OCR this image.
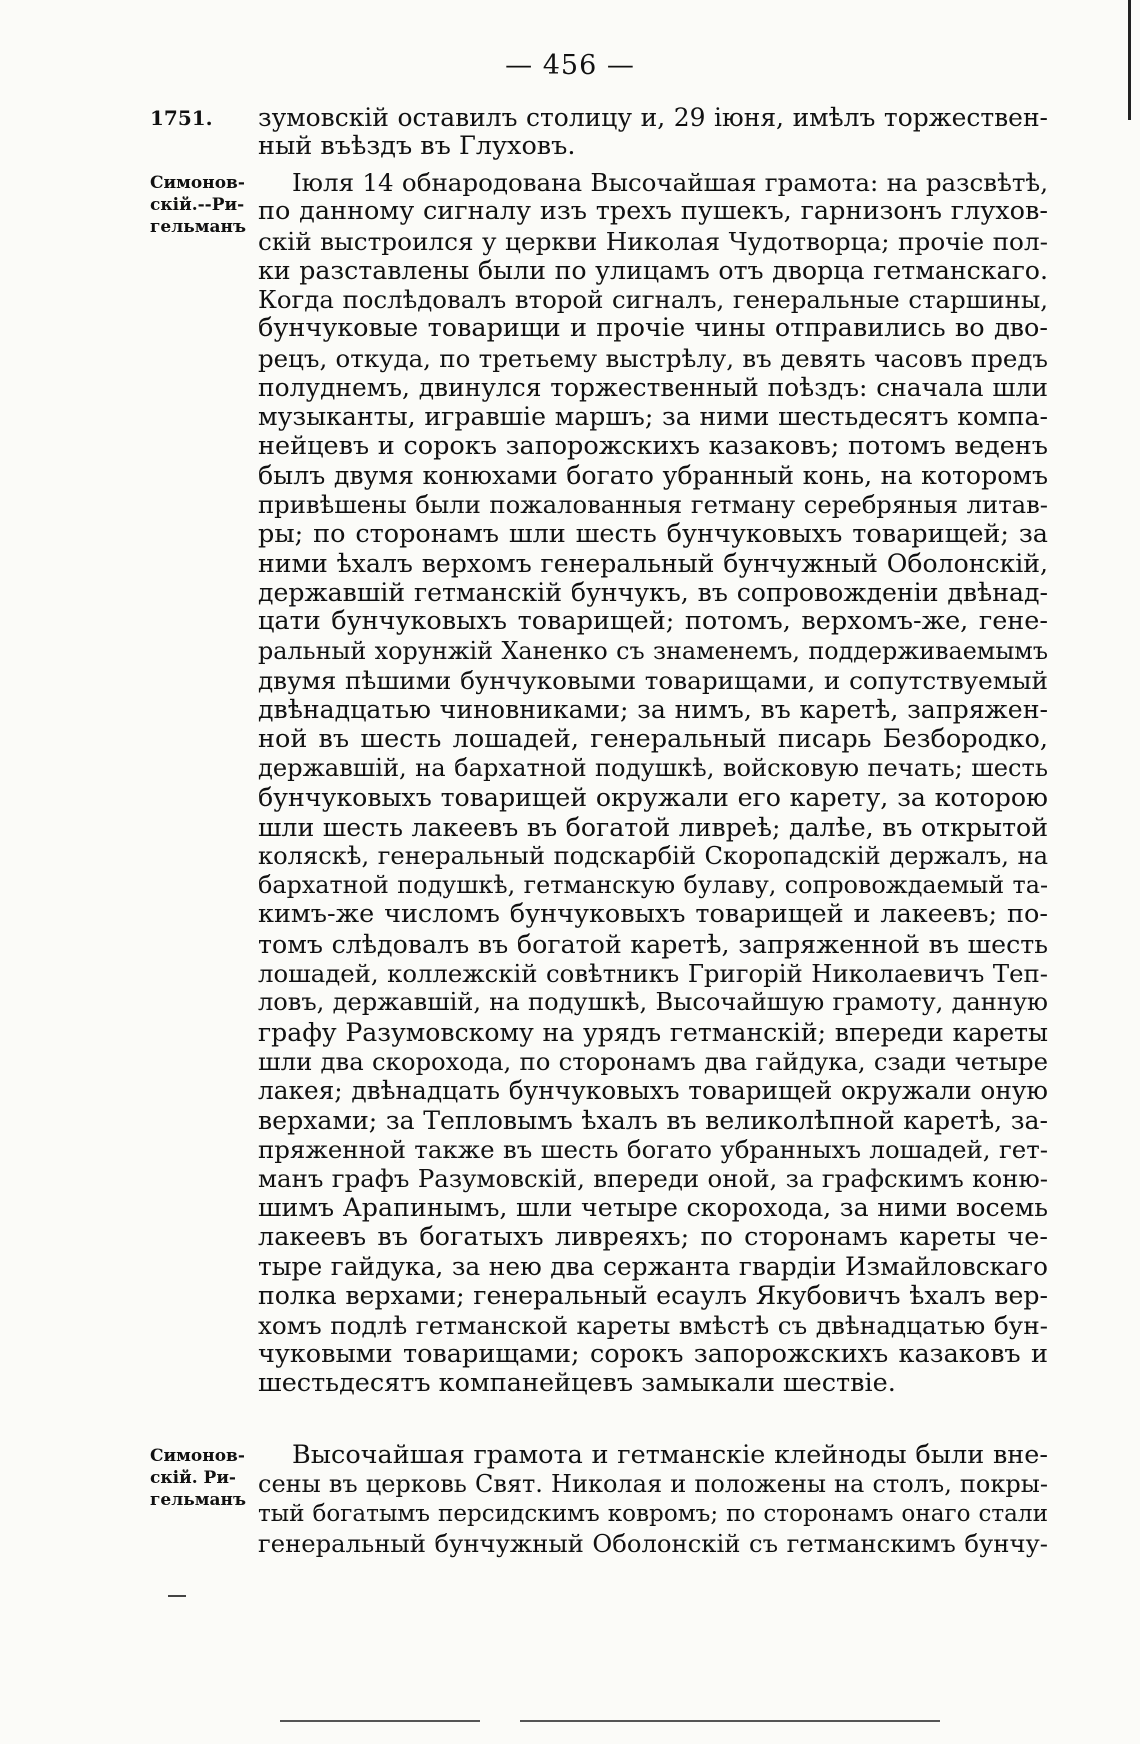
— 456 —
1751.	зумовскій оставилъ столицу и, 29 іюня, имѣлъ торжествен-
ный въѣздъ въ Глуховъ.
Симонов-
скій.--Ри-
гельманъ
Іюля 14 обнародована Высочайшая грамота: на разсвѣтѣ,
по данному сигналу изъ трехъ пушекъ, гарнизонъ глухов-
скій выстроился у церкви Николая Чудотворца; прочіе пол-
ки разставлены были по улицамъ отъ дворца гетманскаго.
Когда послѣдовалъ второй сигналъ, генеральные старшины,
бунчуковые товарищи и прочіе чины отправились во дво-
рецъ, откуда, по третьему выстрѣлу, въ девять часовъ предъ
полуднемъ, двинулся торжественный поѣздъ: сначала шли
музыканты, игравшіе маршъ; за ними шестьдесятъ компа-
нейцевъ и сорокъ запорожскихъ казаковъ; потомъ веденъ
былъ двумя конюхами богато убранный конь, на которомъ
привѣшены были пожалованныя гетману серебряныя литав-
ры; по сторонамъ шли шесть бунчуковыхъ товарищей; за
ними ѣхалъ верхомъ генеральный бунчужный Оболонскій,
державшій гетманскій бунчукъ, въ сопровожденіи двѣнад-
цати бунчуковыхъ товарищей; потомъ, верхомъ-же, гене-
ральный хорунжій Ханенко съ знаменемъ, поддерживаемымъ
двумя пѣшими бунчуковыми товарищами, и сопутствуемый
двѣнадцатью чиновниками; за нимъ, въ каретѣ, запряжен-
ной въ шесть лошадей, генеральный писарь Безбородко,
державшій, на бархатной подушкѣ, войсковую печать; шесть
бунчуковыхъ товарищей окружали его карету, за которою
шли шесть лакеевъ въ богатой ливреѣ; далѣе, въ открытой
коляскѣ, генеральный подскарбій Скоропадскій держалъ, на
бархатной подушкѣ, гетманскую булаву, сопровождаемый та-
кимъ-же числомъ бунчуковыхъ товарищей и лакеевъ; по-
томъ слѣдовалъ въ богатой каретѣ, запряженной въ шесть
лошадей, коллежскій совѣтникъ Григорій Николаевичъ Теп-
ловъ, державшій, на подушкѣ, Высочайшую грамоту, данную
графу Разумовскому на урядъ гетманскій; впереди кареты
шли два скорохода, по сторонамъ два гайдука, сзади четыре
лакея; двѣнадцать бунчуковыхъ товарищей окружали оную
верхами; за Тепловымъ ѣхалъ въ великолѣпной каретѣ, за-
пряженной также въ шесть богато убранныхъ лошадей, гет-
манъ графъ Разумовскій, впереди оной, за графскимъ коню-
шимъ Арапинымъ, шли четыре скорохода, за ними восемь
лакеевъ въ богатыхъ ливреяхъ; по сторонамъ кареты че-
тыре гайдука, за нею два сержанта гвардіи Измайловскаго
полка верхами; генеральный есаулъ Якубовичъ ѣхалъ вер-
хомъ подлѣ гетманской кареты вмѣстѣ съ двѣнадцатью бун-
чуковыми товарищами; сорокъ запорожскихъ казаковъ и
шестьдесятъ компанейцевъ замыкали шествіе.
Симонов-
скій. Ри-
гельманъ
Высочайшая грамота и гетманскіе клейноды были вне-
сены въ церковь Свят. Николая и положены на столъ, покры-
тый богатымъ персидскимъ ковромъ; по сторонамъ онаго стали
генеральный бунчужный Оболонскій съ гетманскимъ бунчу-
